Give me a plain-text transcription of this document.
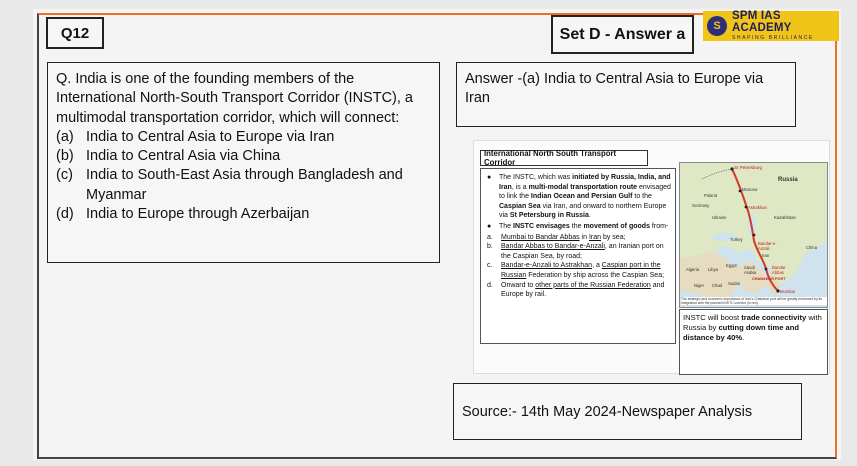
Q12	Set D - Answer a	S
SPM IAS ACADEMY
SHAPING BRILLIANCE
Q. India is one of the founding members of the International North-South Transport Corridor (INSTC), a multimodal transportation corridor, which will connect:
(a) India to Central Asia to Europe via Iran
(b) India to Central Asia via China
(c) India to South-East Asia through Bangladesh and Myanmar
(d) India to Europe through Azerbaijan
Answer -(a) India to Central Asia to Europe via Iran
International North South Transport Corridor
●	The INSTC, which was initiated by Russia, India, and Iran, is a multi-modal transportation route envisaged to link the Indian Ocean and Persian Gulf to the Caspian Sea via Iran, and onward to northern Europe via St Petersburg in Russia.
●	The INSTC envisages the movement of goods from-
a.	Mumbai to Bandar Abbas in Iran by sea;
b.	Bandar Abbas to Bandar-e-Anzali, an Iranian port on the Caspian Sea, by road;
c.	Bandar-e-Anzali to Astrakhan, a Caspian port in the Russian Federation by ship across the Caspian Sea;
d.	Onward to other parts of the Russian Federation and Europe by rail.
St Petersburg
Russia
Poland
Germany
Ukraine
Moscow
Astrakhan
Kazakhstan
Turkey
Bandar-e-Anzali
Iran
Bandar Abbas
CHABAHAR PORT
Mumbai
China
Algeria Libya
Egypt Saudi Arabia
Niger Chad Sudan
The strategic and economic importance of Iran's Chabahar port will be greatly enhanced by its integration with the planned INSTC corridor (in red).
INSTC will boost trade connectivity with Russia by cutting down time and distance by 40%.
Source:- 14th May 2024-Newspaper Analysis
